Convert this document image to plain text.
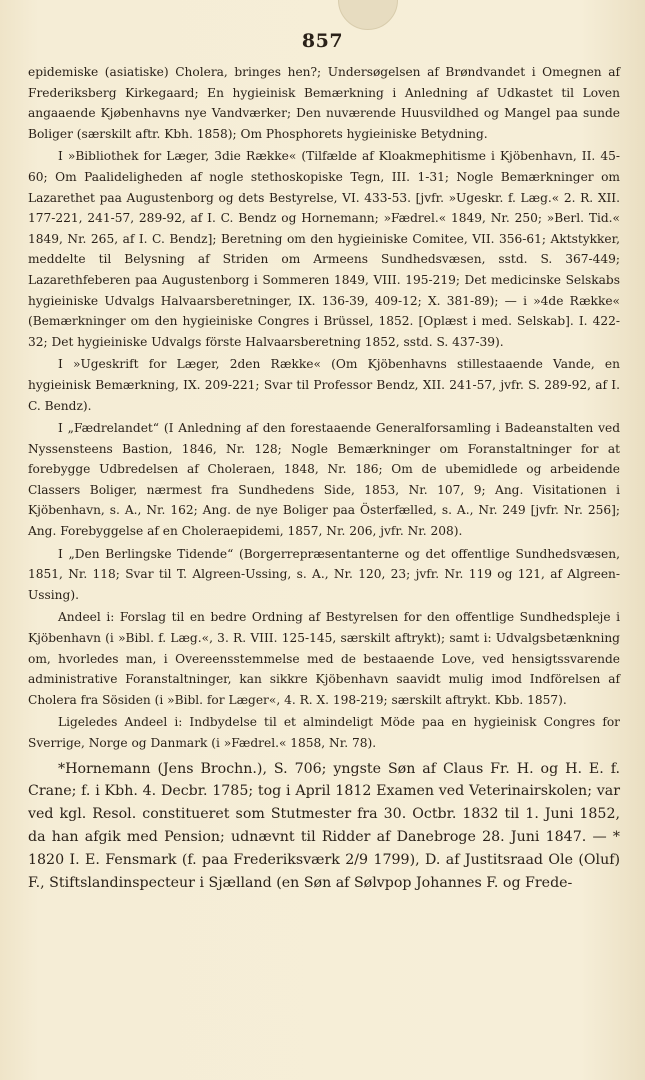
857

epidemiske (asiatiske) Cholera, bringes hen?; Undersøgelsen af Brøndvandet i Omegnen af Frederiksberg Kirkegaard; En hygieinisk Bemærkning i Anledning af Udkastet til Loven angaaende Kjøbenhavns nye Vandværker; Den nuværende Huusvildhed og Mangel paa sunde Boliger (særskilt aftr. Kbh. 1858); Om Phosphorets hygieiniske Betydning.

I »Bibliothek for Læger, 3die Række« (Tilfælde af Kloakmephitisme i Kjöbenhavn, II. 45-60; Om Paalideligheden af nogle stethoskopiske Tegn, III. 1-31; Nogle Bemærkninger om Lazarethet paa Augustenborg og dets Bestyrelse, VI. 433-53. [jvfr. »Ugeskr. f. Læg.« 2. R. XII. 177-221, 241-57, 289-92, af I. C. Bendz og Hornemann; »Fædrel.« 1849, Nr. 250; »Berl. Tid.« 1849, Nr. 265, af I. C. Bendz]; Beretning om den hygieiniske Comitee, VII. 356-61; Aktstykker, meddelte til Belysning af Striden om Armeens Sundhedsvæsen, sstd. S. 367-449; Lazarethfeberen paa Augustenborg i Sommeren 1849, VIII. 195-219; Det medicinske Selskabs hygieiniske Udvalgs Halvaarsberetninger, IX. 136-39, 409-12; X. 381-89); — i »4de Række« (Bemærkninger om den hygieiniske Congres i Brüssel, 1852. [Oplæst i med. Selskab]. I. 422-32; Det hygieiniske Udvalgs förste Halvaarsberetning 1852, sstd. S. 437-39).

I »Ugeskrift for Læger, 2den Række« (Om Kjöbenhavns stillestaaende Vande, en hygieinisk Bemærkning, IX. 209-221; Svar til Professor Bendz, XII. 241-57, jvfr. S. 289-92, af I. C. Bendz).

I „Fædrelandet“ (I Anledning af den forestaaende Generalforsamling i Badeanstalten ved Nyssensteens Bastion, 1846, Nr. 128; Nogle Bemærkninger om Foranstaltninger for at forebygge Udbredelsen af Choleraen, 1848, Nr. 186; Om de ubemidlede og arbeidende Classers Boliger, nærmest fra Sundhedens Side, 1853, Nr. 107, 9; Ang. Visitationen i Kjöbenhavn, s. A., Nr. 162; Ang. de nye Boliger paa Österfælled, s. A., Nr. 249 [jvfr. Nr. 256]; Ang. Forebyggelse af en Choleraepidemi, 1857, Nr. 206, jvfr. Nr. 208).

I „Den Berlingske Tidende“ (Borgerrepræsentanterne og det offentlige Sundhedsvæsen, 1851, Nr. 118; Svar til T. Algreen-Ussing, s. A., Nr. 120, 23; jvfr. Nr. 119 og 121, af Algreen-Ussing).

Andeel i: Forslag til en bedre Ordning af Bestyrelsen for den offentlige Sundhedspleje i Kjöbenhavn (i »Bibl. f. Læg.«, 3. R. VIII. 125-145, særskilt aftrykt); samt i: Udvalgsbetænkning om, hvorledes man, i Overeensstemmelse med de bestaaende Love, ved hensigtssvarende administrative Foranstaltninger, kan sikkre Kjöbenhavn saavidt mulig imod Indförelsen af Cholera fra Sösiden (i »Bibl. for Læger«, 4. R. X. 198-219; særskilt aftrykt. Kbb. 1857).

Ligeledes Andeel i: Indbydelse til et almindeligt Möde paa en hygieinisk Congres for Sverrige, Norge og Danmark (i »Fædrel.« 1858, Nr. 78).

*Hornemann (Jens Brochn.), S. 706; yngste Søn af Claus Fr. H. og H. E. f. Crane; f. i Kbh. 4. Decbr. 1785; tog i April 1812 Examen ved Veterinairskolen; var ved kgl. Resol. constitueret som Stutmester fra 30. Octbr. 1832 til 1. Juni 1852, da han afgik med Pension; udnævnt til Ridder af Danebroge 28. Juni 1847. — * 1820 I. E. Fensmark (f. paa Frederiksværk 2/9 1799), D. af Justitsraad Ole (Oluf) F., Stiftslandinspecteur i Sjælland (en Søn af Sølvpop Johannes F. og Frede-
